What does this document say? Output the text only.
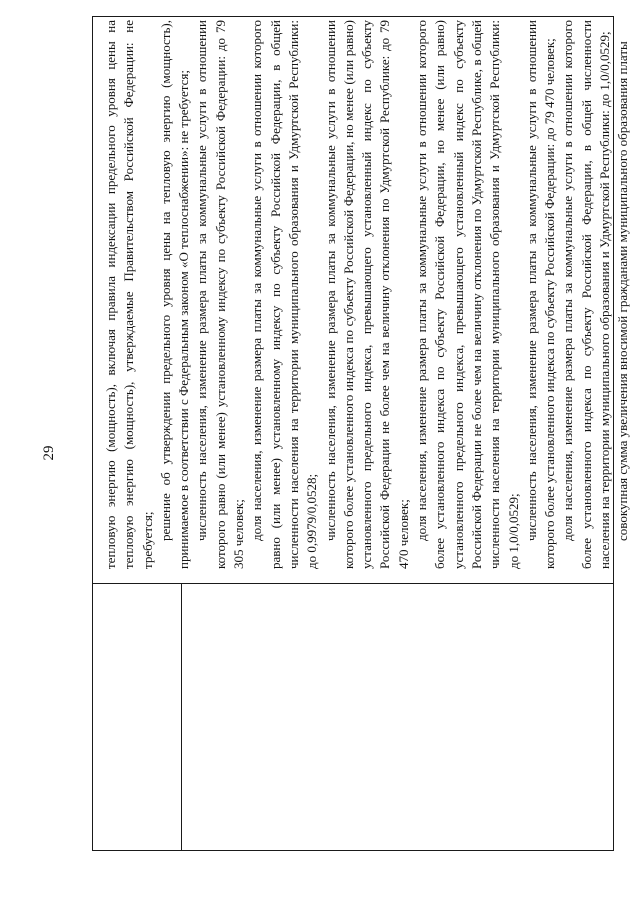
29	тепловую энергию (мощность), включая правила индексации предельного уровня цены на тепловую энергию (мощность), утверждаемые Правительством Российской Федерации: не требуется; решение об утверждении предельного уровня цены на тепловую энергию (мощность), принимаемое в соответствии с Федеральным законом «О теплоснабжении»: не требуется; численность населения, изменение размера платы за коммунальные услуги в отношении которого равно (или менее) установленному индексу по субъекту Российской Федерации: до 79 305 человек; доля населения, изменение размера платы за коммунальные услуги в отношении которого равно (или менее) установленному индексу по субъекту Российской Федерации, в общей численности населения на территории муниципального образования и Удмуртской Республики: до 0,9979/0,0528; численность населения, изменение размера платы за коммунальные услуги в отношении которого более установленного индекса по субъекту Российской Федерации, но менее (или равно) установленного предельного индекса, превышающего установленный индекс по субъекту Российской Федерации не более чем на величину отклонения по Удмуртской Республике: до 79 470 человек; доля населения, изменение размера платы за коммунальные услуги в отношении которого более установленного индекса по субъекту Российской Федерации, но менее (или равно) установленного предельного индекса, превышающего установленный индекс по субъекту Российской Федерации не более чем на величину отклонения по Удмуртской Республике, в общей численности населения на территории муниципального образования и Удмуртской Республики: до 1,0/0,0529; численность населения, изменение размера платы за коммунальные услуги в отношении которого более установленного индекса по субъекту Российской Федерации: до 79 470 человек; доля населения, изменение размера платы за коммунальные услуги в отношении которого более установленного индекса по субъекту Российской Федерации, в общей численности населения на территории муниципального образования и Удмуртской Республики: до 1,0/0,0529; совокупная сумма увеличения вносимой гражданами муниципального образования платы
